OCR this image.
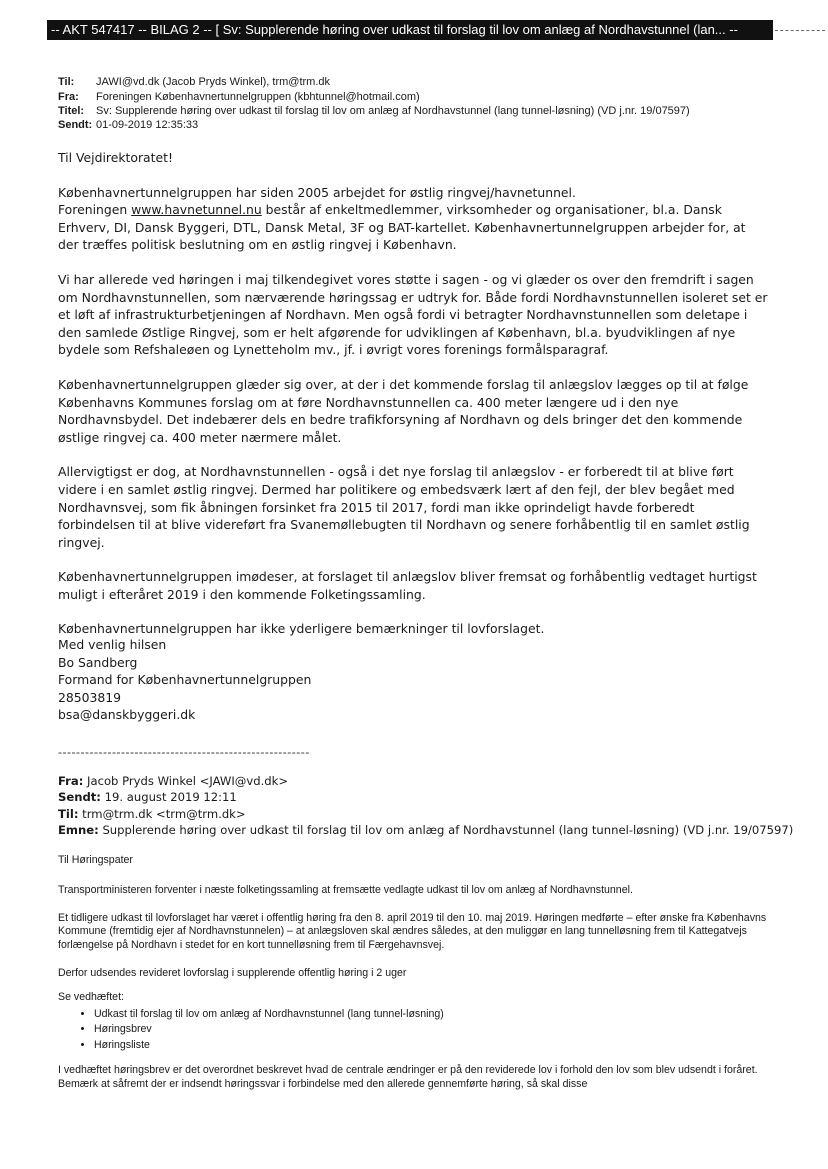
-- AKT 547417 -- BILAG 2 -- [ Sv: Supplerende høring over udkast til forslag til lov om anlæg af Nordhavstunnel (lan... --
Til: JAWI@vd.dk (Jacob Pryds Winkel), trm@trm.dk
Fra: Foreningen Københavnertunnelgruppen (kbhtunnel@hotmail.com)
Titel: Sv: Supplerende høring over udkast til forslag til lov om anlæg af Nordhavstunnel (lang tunnel-løsning) (VD j.nr. 19/07597)
Sendt: 01-09-2019 12:35:33

Til Vejdirektoratet!

Københavnertunnelgruppen har siden 2005 arbejdet for østlig ringvej/havnetunnel.
Foreningen www.havnetunnel.nu består af enkeltmedlemmer, virksomheder og organisationer, bl.a. Dansk Erhverv, DI, Dansk Byggeri, DTL, Dansk Metal, 3F og BAT-kartellet. Københavnertunnelgruppen arbejder for, at der træffes politisk beslutning om en østlig ringvej i København.

Vi har allerede ved høringen i maj tilkendegivet vores støtte i sagen - og vi glæder os over den fremdrift i sagen om Nordhavnstunnellen, som nærværende høringssag er udtryk for. Både fordi Nordhavnstunnellen isoleret set er et løft af infrastrukturbetjeningen af Nordhavn. Men også fordi vi betragter Nordhavnstunnellen som deletape i den samlede Østlige Ringvej, som er helt afgørende for udviklingen af København, bl.a. byudviklingen af nye bydele som Refshaleøen og Lynetteholm mv., jf. i øvrigt vores forenings formålsparagraf.

Københavnertunnelgruppen glæder sig over, at der i det kommende forslag til anlægslov lægges op til at følge Københavns Kommunes forslag om at føre Nordhavnstunnellen ca. 400 meter længere ud i den nye Nordhavnsbydel. Det indebærer dels en bedre trafikforsyning af Nordhavn og dels bringer det den kommende østlige ringvej ca. 400 meter nærmere målet.

Allervigtigst er dog, at Nordhavnstunnellen - også i det nye forslag til anlægslov - er forberedt til at blive ført videre i en samlet østlig ringvej. Dermed har politikere og embedsværk lært af den fejl, der blev begået med Nordhavnsvej, som fik åbningen forsinket fra 2015 til 2017, fordi man ikke oprindeligt havde forberedt forbindelsen til at blive videreført fra Svanemøllebugten til Nordhavn og senere forhåbentlig til en samlet østlig ringvej.

Københavnertunnelgruppen imødeser, at forslaget til anlægslov bliver fremsat og forhåbentlig vedtaget hurtigst muligt i efteråret 2019 i den kommende Folketingssamling.

Københavnertunnelgruppen har ikke yderligere bemærkninger til lovforslaget.

Med venlig hilsen
Bo Sandberg
Formand for Københavnertunnelgruppen
28503819
bsa@danskbyggeri.dk
--------------------------------------------------------
Fra: Jacob Pryds Winkel <JAWI@vd.dk>
Sendt: 19. august 2019 12:11
Til: trm@trm.dk <trm@trm.dk>
Emne: Supplerende høring over udkast til forslag til lov om anlæg af Nordhavstunnel (lang tunnel-løsning) (VD j.nr. 19/07597)

Til Høringspater

Transportministeren forventer i næste folketingssamling at fremsætte vedlagte udkast til lov om anlæg af Nordhavnstunnel.

Et tidligere udkast til lovforslaget har været i offentlig høring fra den 8. april 2019 til den 10. maj 2019. Høringen medførte – efter ønske fra Københavns Kommune (fremtidig ejer af Nordhavnstunnelen) – at anlægsloven skal ændres således, at den muliggør en lang tunnelløsning frem til Kattegatvejs forlængelse på Nordhavn i stedet for en kort tunnelløsning frem til Færgehavnsvej.

Derfor udsendes revideret lovforslag i supplerende offentlig høring i 2 uger

Se vedhæftet:
• Udkast til forslag til lov om anlæg af Nordhavnstunnel (lang tunnel-løsning)
• Høringsbrev
• Høringsliste

I vedhæftet høringsbrev er det overordnet beskrevet hvad de centrale ændringer er på den reviderede lov i forhold den lov som blev udsendt i foråret. Bemærk at såfremt der er indsendt høringssvar i forbindelse med den allerede gennemførte høring, så skal disse
